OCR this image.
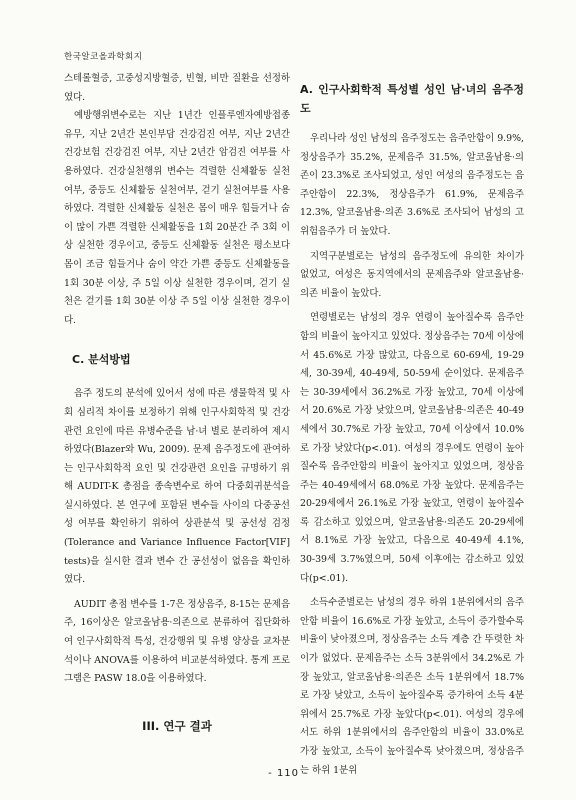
한국알코올과학회지

스테롤혈증, 고중성지방혈증, 빈혈, 비만 질환을 선정하였다.

예방행위변수로는 지난 1년간 인플루엔자예방접종 유무, 지난 2년간 본인부담 건강검진 여부, 지난 2년간 건강보험 건강검진 여부, 지난 2년간 암검진 여부를 사용하였다. 건강실천행위 변수는 격렬한 신체활동 실천여부, 중등도 신체활동 실천여부, 걷기 실천여부를 사용하였다. 격렬한 신체활동 실천은 몸이 매우 힘들거나 숨이 많이 가쁜 격렬한 신체활동을 1회 20분간 주 3회 이상 실천한 경우이고, 중등도 신체활동 실천은 평소보다 몸이 조금 힘들거나 숨이 약간 가쁜 중등도 신체활동을 1회 30분 이상, 주 5일 이상 실천한 경우이며, 걷기 실천은 걷기를 1회 30분 이상 주 5일 이상 실천한 경우이다.

C. 분석방법

음주 정도의 분석에 있어서 성에 따른 생물학적 및 사회 심리적 차이를 보정하기 위해 인구사회학적 및 건강관련 요인에 따른 유병수준을 남·녀 별로 분리하여 제시하였다(Blazer와 Wu, 2009). 문제 음주정도에 관여하는 인구사회학적 요인 및 건강관련 요인을 규명하기 위해 AUDIT-K 총점을 종속변수로 하여 다중회귀분석을 실시하였다. 본 연구에 포함된 변수들 사이의 다중공선성 여부를 확인하기 위하여 상관분석 및 공선성 검정(Tolerance and Variance Influence Factor[VIF] tests)을 실시한 결과 변수 간 공선성이 없음을 확인하였다.

AUDIT 총점 변수를 1-7은 정상음주, 8-15는 문제음주, 16이상은 알코올남용·의존으로 분류하여 집단화하여 인구사회학적 특성, 건강행위 및 유병 양상을 교차분석이나 ANOVA를 이용하여 비교분석하였다. 통계 프로그램은 PASW 18.0을 이용하였다.

III. 연구 결과
A. 인구사회학적 특성별 성인 남·녀의 음주정도

우리나라 성인 남성의 음주정도는 음주안함이 9.9%, 정상음주가 35.2%, 문제음주 31.5%, 알코올남용·의존이 23.3%로 조사되었고, 성인 여성의 음주정도는 음주안함이 22.3%, 정상음주가 61.9%, 문제음주 12.3%, 알코올남용·의존 3.6%로 조사되어 남성의 고위험음주가 더 높았다.

지역구분별로는 남성의 음주정도에 유의한 차이가 없었고, 여성은 동지역에서의 문제음주와 알코올남용·의존 비율이 높았다.

연령별로는 남성의 경우 연령이 높아질수록 음주안함의 비율이 높아지고 있었다. 정상음주는 70세 이상에서 45.6%로 가장 많았고, 다음으로 60-69세, 19-29세, 30-39세, 40-49세, 50-59세 순이었다. 문제음주는 30-39세에서 36.2%로 가장 높았고, 70세 이상에서 20.6%로 가장 낮았으며, 알코올남용·의존은 40-49세에서 30.7%로 가장 높았고, 70세 이상에서 10.0%로 가장 낮았다(p<.01). 여성의 경우에도 연령이 높아질수록 음주안함의 비율이 높아지고 있었으며, 정상음주는 40-49세에서 68.0%로 가장 높았다. 문제음주는 20-29세에서 26.1%로 가장 높았고, 연령이 높아질수록 감소하고 있었으며, 알코올남용·의존도 20-29세에서 8.1%로 가장 높았고, 다음으로 40-49세 4.1%, 30-39세 3.7%였으며, 50세 이후에는 감소하고 있었다(p<.01).

소득수준별로는 남성의 경우 하위 1분위에서의 음주안함 비율이 16.6%로 가장 높았고, 소득이 증가할수록 비율이 낮아졌으며, 정상음주는 소득 계층 간 뚜렷한 차이가 없었다. 문제음주는 소득 3분위에서 34.2%로 가장 높았고, 알코올남용·의존은 소득 1분위에서 18.7%로 가장 낮았고, 소득이 높아질수록 증가하여 소득 4분위에서 25.7%로 가장 높았다(p<.01). 여성의 경우에서도 하위 1분위에서의 음주안함의 비율이 33.0%로 가장 높았고, 소득이 높아질수록 낮아졌으며, 정상음주는 하위 1분위

- 110 -
